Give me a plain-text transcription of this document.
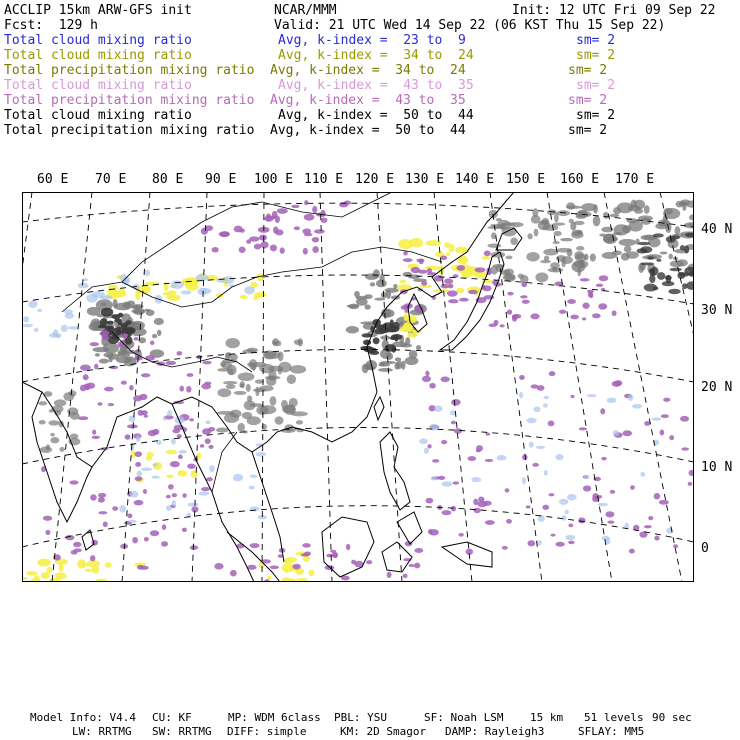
ACCLIP 15km ARW-GFS init	NCAR/MMM	Init: 12 UTC Fri 09 Sep 22
Fcst:  129 h	Valid: 21 UTC Wed 14 Sep 22 (06 KST Thu 15 Sep 22)
Total cloud mixing ratio	Avg, k-index =  23 to  9	sm= 2
Total cloud mixing ratio	Avg, k-index =  34 to  24	sm= 2
Total precipitation mixing ratio Avg, k-index =  34 to  24	sm= 2
Total cloud mixing ratio	Avg, k-index =  43 to  35	sm= 2
Total precipitation mixing ratio Avg, k-index =  43 to  35	sm= 2
Total cloud mixing ratio	Avg, k-index =  50 to  44	sm= 2
Total precipitation mixing ratio Avg, k-index =  50 to  44	sm= 2
60 E 70 E 80 E 90 E 100 E 110 E 120 E 130 E 140 E 150 E 160 E 170 E
40 N
30 N
20 N
10 N
0
Model Info: V4.4 CU: KF	MP: WDM 6class PBL: YSU	SF: Noah LSM 15 km 51 levels 90 sec
LW: RRTMG SW: RRTMG DIFF: simple	KM: 2D Smagor DAMP: Rayleigh3	SFLAY: MM5
